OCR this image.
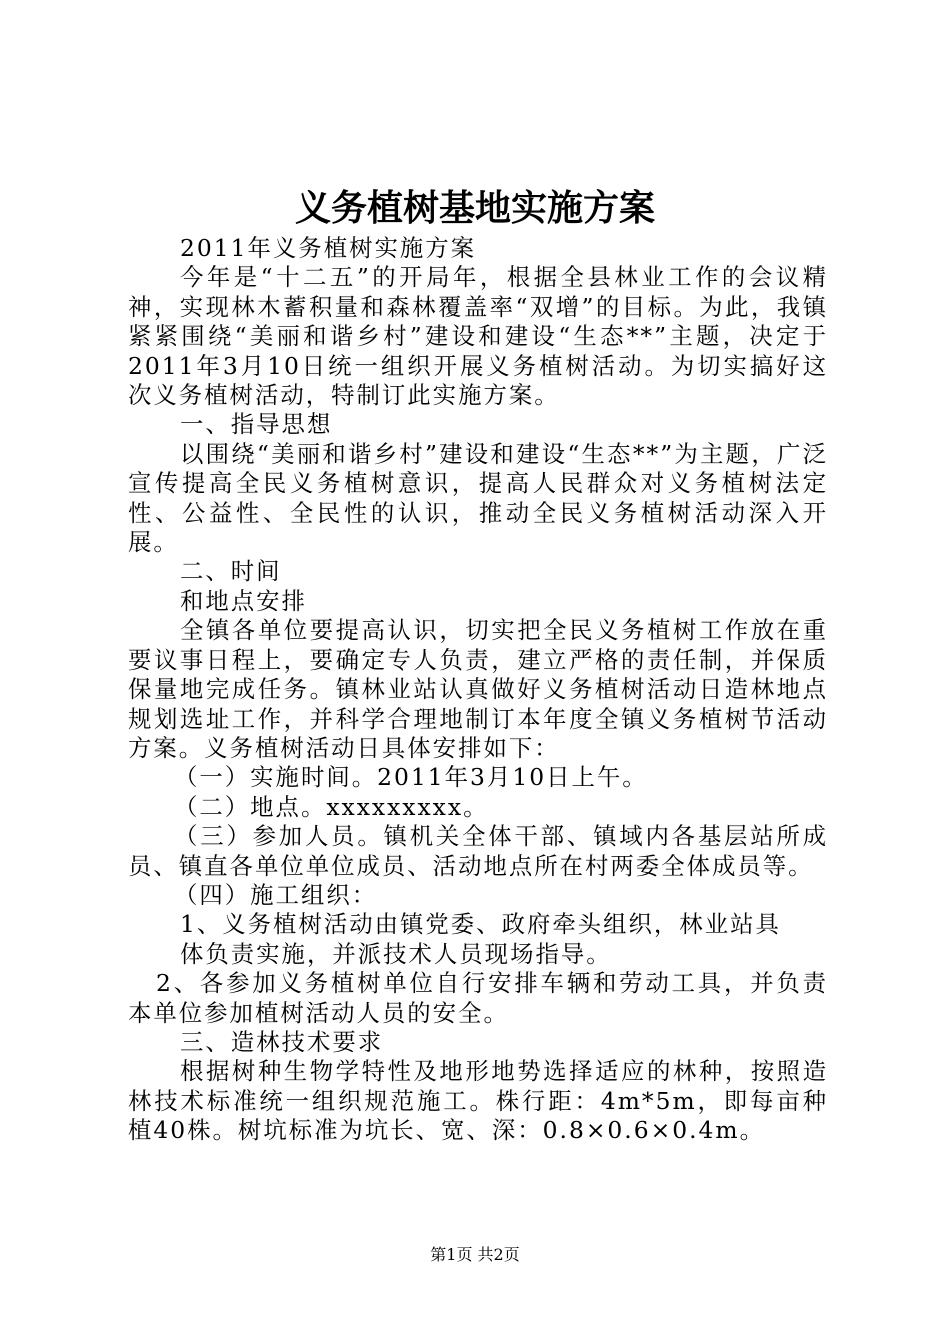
义务植树基地实施方案

2011年义务植树实施方案

今年是“十二五”的开局年，根据全县林业工作的会议精神，实现林木蓄积量和森林覆盖率“双增”的目标。为此，我镇紧紧围绕“美丽和谐乡村”建设和建设“生态**”主题，决定于2011年3月10日统一组织开展义务植树活动。为切实搞好这次义务植树活动，特制订此实施方案。

一、指导思想

以围绕“美丽和谐乡村”建设和建设“生态**”为主题，广泛宣传提高全民义务植树意识，提高人民群众对义务植树法定性、公益性、全民性的认识，推动全民义务植树活动深入开展。

二、时间

和地点安排

全镇各单位要提高认识，切实把全民义务植树工作放在重要议事日程上，要确定专人负责，建立严格的责任制，并保质保量地完成任务。镇林业站认真做好义务植树活动日造林地点规划选址工作，并科学合理地制订本年度全镇义务植树节活动方案。义务植树活动日具体安排如下：

（一）实施时间。2011年3月10日上午。

（二）地点。xxxxxxxxx。

（三）参加人员。镇机关全体干部、镇域内各基层站所成员、镇直各单位单位成员、活动地点所在村两委全体成员等。

（四）施工组织：

1、义务植树活动由镇党委、政府牵头组织，林业站具

体负责实施，并派技术人员现场指导。

2、各参加义务植树单位自行安排车辆和劳动工具，并负责本单位参加植树活动人员的安全。

三、造林技术要求

根据树种生物学特性及地形地势选择适应的林种，按照造林技术标准统一组织规范施工。株行距：4m*5m，即每亩种植40株。树坑标准为坑长、宽、深：0.8×0.6×0.4m。

第1页 共2页
